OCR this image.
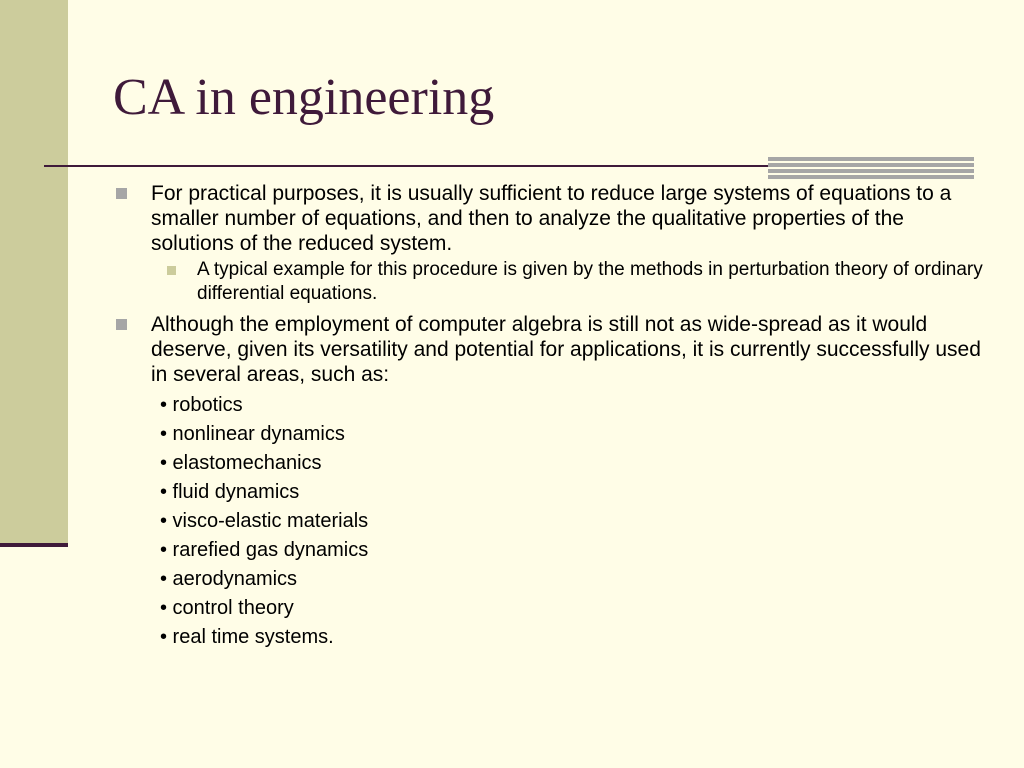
CA in engineering
For practical purposes, it is usually sufficient to reduce large systems of equations to a smaller number of equations, and then to analyze the qualitative properties of the solutions of the reduced system.
A typical example for this procedure is given by the methods in perturbation theory of ordinary differential equations.
Although the employment of computer algebra is still not as wide-spread as it would deserve, given its versatility and potential for applications, it is currently successfully used in several areas, such as:
• robotics
• nonlinear dynamics
• elastomechanics
• fluid dynamics
• visco-elastic materials
• rarefied gas dynamics
• aerodynamics
• control theory
• real time systems.
